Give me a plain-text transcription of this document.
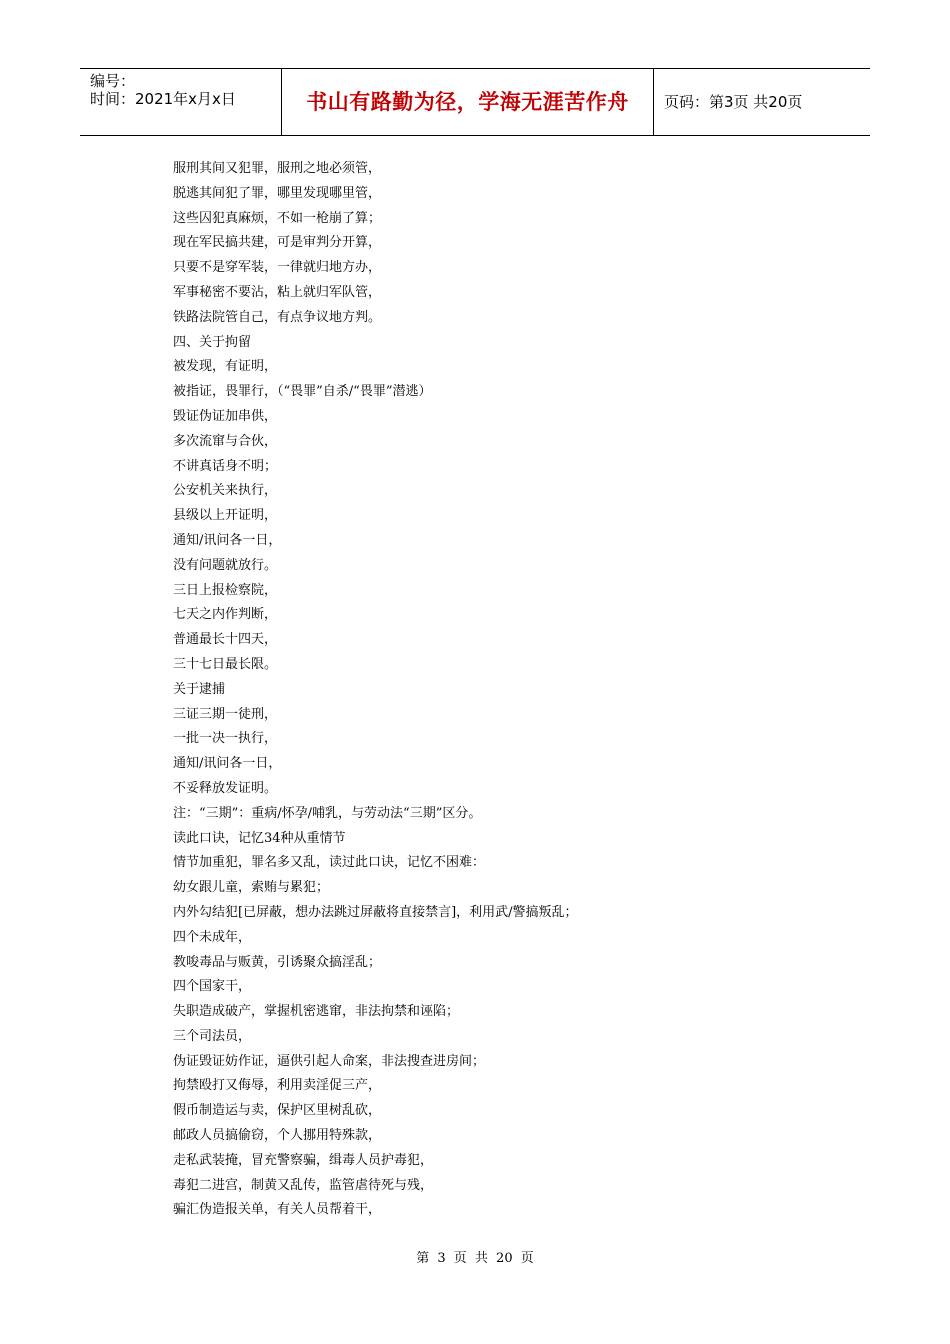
编号：
时间：2021年x月x日	书山有路勤为径，学海无涯苦作舟	页码：第3页 共20页
服刑其间又犯罪，服刑之地必须管，
脱逃其间犯了罪，哪里发现哪里管，
这些囚犯真麻烦，不如一枪崩了算；
现在军民搞共建，可是审判分开算，
只要不是穿军装，一律就归地方办，
军事秘密不要沾，粘上就归军队管，
铁路法院管自己，有点争议地方判。
四、关于拘留
被发现，有证明，
被指证，畏罪行，（“畏罪”自杀/“畏罪”潜逃）
毁证伪证加串供，
多次流窜与合伙，
不讲真话身不明；
公安机关来执行，
县级以上开证明，
通知/讯问各一日，
没有问题就放行。
三日上报检察院，
七天之内作判断，
普通最长十四天，
三十七日最长限。
关于逮捕
三证三期一徒刑，
一批一决一执行，
通知/讯问各一日，
不妥释放发证明。
注：“三期”：重病/怀孕/哺乳，与劳动法“三期”区分。
读此口诀，记忆34种从重情节
情节加重犯，罪名多又乱，读过此口诀，记忆不困难：
幼女跟儿童，索贿与累犯；
内外勾结犯[已屏蔽，想办法跳过屏蔽将直接禁言]，利用武/警搞叛乱；
四个未成年，
教唆毒品与贩黄，引诱聚众搞淫乱；
四个国家干，
失职造成破产，掌握机密逃窜，非法拘禁和诬陷；
三个司法员，
伪证毁证妨作证，逼供引起人命案，非法搜查进房间；
拘禁殴打又侮辱，利用卖淫促三产，
假币制造运与卖，保护区里树乱砍，
邮政人员搞偷窃，个人挪用特殊款，
走私武装掩，冒充警察骗，缉毒人员护毒犯，
毒犯二进宫，制黄又乱传，监管虐待死与残，
骗汇伪造报关单，有关人员帮着干，
第 3 页 共 20 页
